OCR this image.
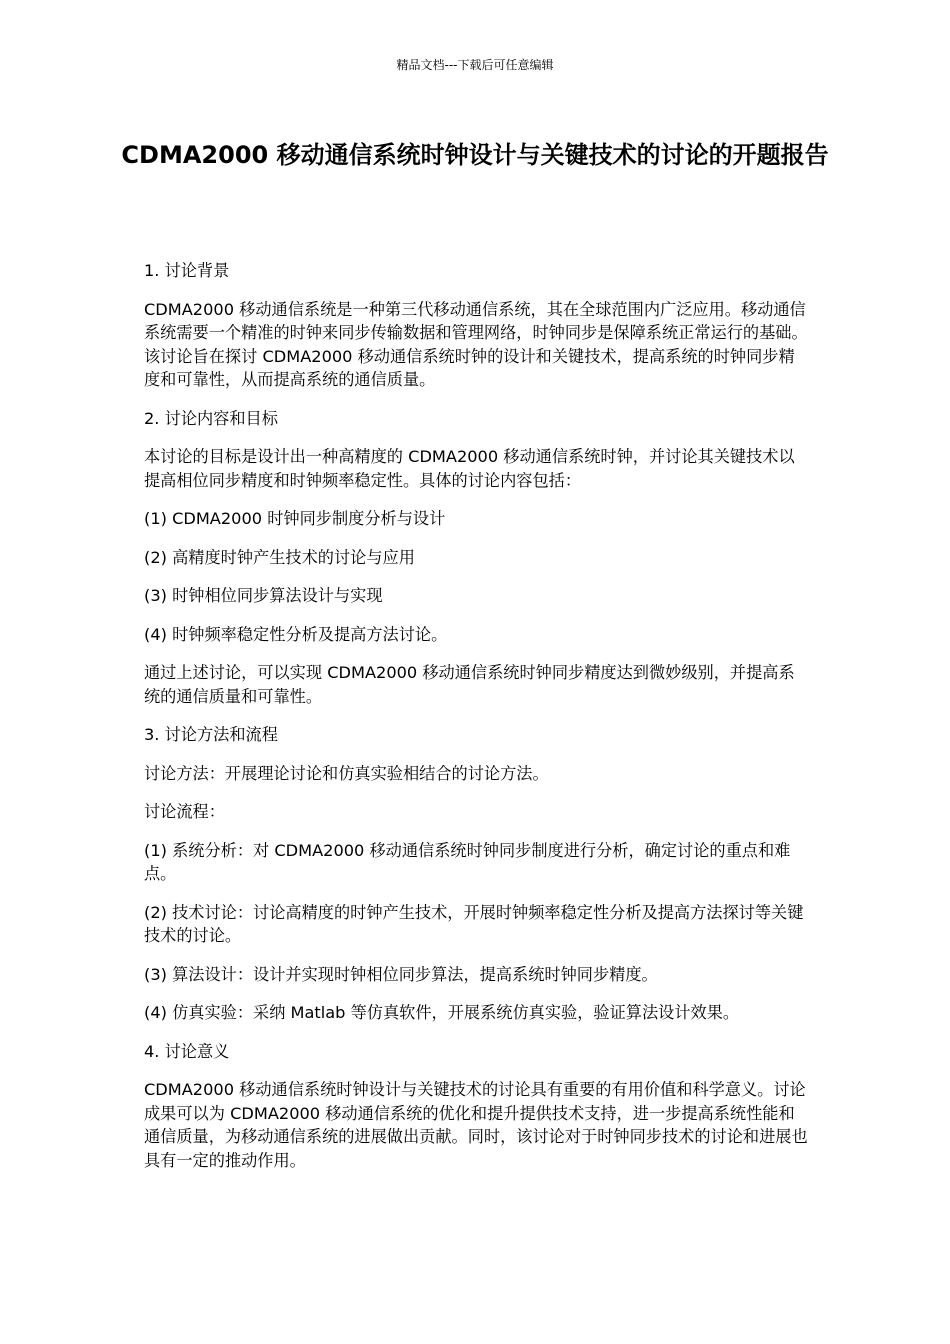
精品文档---下载后可任意编辑
CDMA2000 移动通信系统时钟设计与关键技术的讨论的开题报告

1. 讨论背景

CDMA2000 移动通信系统是一种第三代移动通信系统，其在全球范围内广泛应用。移动通信系统需要一个精准的时钟来同步传输数据和管理网络，时钟同步是保障系统正常运行的基础。该讨论旨在探讨 CDMA2000 移动通信系统时钟的设计和关键技术，提高系统的时钟同步精度和可靠性，从而提高系统的通信质量。

2. 讨论内容和目标

本讨论的目标是设计出一种高精度的 CDMA2000 移动通信系统时钟，并讨论其关键技术以提高相位同步精度和时钟频率稳定性。具体的讨论内容包括：

(1) CDMA2000 时钟同步制度分析与设计

(2) 高精度时钟产生技术的讨论与应用

(3) 时钟相位同步算法设计与实现

(4) 时钟频率稳定性分析及提高方法讨论。

通过上述讨论，可以实现 CDMA2000 移动通信系统时钟同步精度达到微妙级别，并提高系统的通信质量和可靠性。

3. 讨论方法和流程

讨论方法：开展理论讨论和仿真实验相结合的讨论方法。

讨论流程：

(1) 系统分析：对 CDMA2000 移动通信系统时钟同步制度进行分析，确定讨论的重点和难点。

(2) 技术讨论：讨论高精度的时钟产生技术，开展时钟频率稳定性分析及提高方法探讨等关键技术的讨论。

(3) 算法设计：设计并实现时钟相位同步算法，提高系统时钟同步精度。

(4) 仿真实验：采纳 Matlab 等仿真软件，开展系统仿真实验，验证算法设计效果。

4. 讨论意义

CDMA2000 移动通信系统时钟设计与关键技术的讨论具有重要的有用价值和科学意义。讨论成果可以为 CDMA2000 移动通信系统的优化和提升提供技术支持，进一步提高系统性能和通信质量，为移动通信系统的进展做出贡献。同时，该讨论对于时钟同步技术的讨论和进展也具有一定的推动作用。
